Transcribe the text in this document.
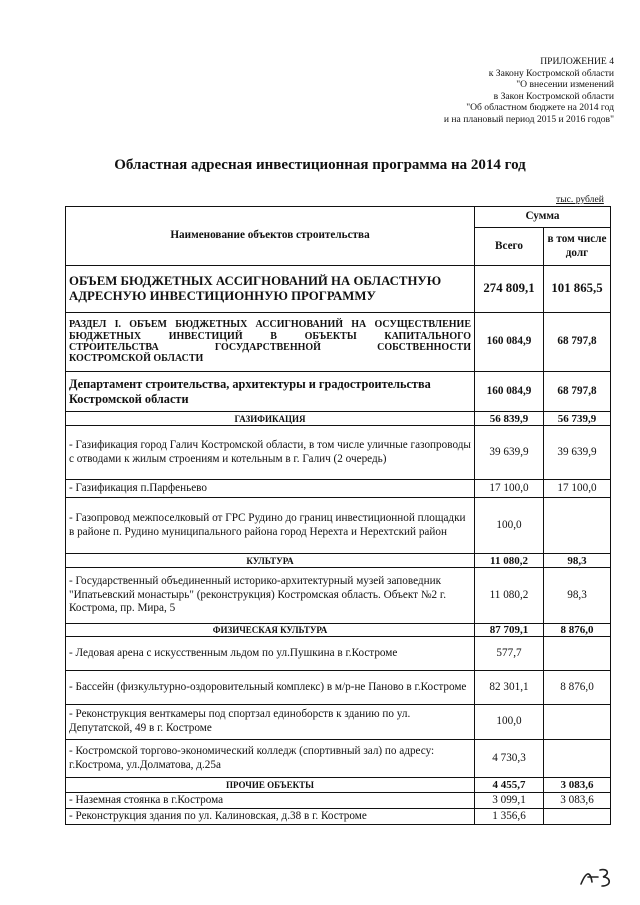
ПРИЛОЖЕНИЕ 4
к Закону Костромской области
"О внесении изменений
в Закон Костромской области
"Об областном бюджете на 2014 год
и на плановый период 2015 и 2016 годов"
Областная адресная инвестиционная программа на 2014 год
тыс. рублей
Наименование объектов строительства	Сумма	
	Всего	в том числе долг
ОБЪЕМ БЮДЖЕТНЫХ АССИГНОВАНИЙ НА ОБЛАСТНУЮ АДРЕСНУЮ ИНВЕСТИЦИОННУЮ ПРОГРАММУ	274 809,1	101 865,5

РАЗДЕЛ I. ОБЪЕМ БЮДЖЕТНЫХ АССИГНОВАНИЙ НА ОСУЩЕСТВЛЕНИЕ
БЮДЖЕТНЫХ ИНВЕСТИЦИЙ В ОБЪЕКТЫ КАПИТАЛЬНОГО
СТРОИТЕЛЬСТВА ГОСУДАРСТВЕННОЙ СОБСТВЕННОСТИ
КОСТРОМСКОЙ ОБЛАСТИ	160 084,9	68 797,8
Департамент строительства, архитектуры и градостроительства Костромской области	160 084,9	68 797,8
ГАЗИФИКАЦИЯ	56 839,9	56 739,9
- Газификация город Галич Костромской области, в том числе уличные газопроводы с отводами к жилым строениям и котельным в г. Галич (2 очередь)	39 639,9	39 639,9
- Газификация п.Парфеньево	17 100,0	17 100,0
- Газопровод межпоселковый от ГРС Рудино до границ инвестиционной площадки в районе п. Рудино муниципального района город Нерехта и Нерехтский район	100,0	
КУЛЬТУРА	11 080,2	98,3
- Государственный объединенный историко-архитектурный музей заповедник "Ипатьевский монастырь" (реконструкция) Костромская область. Объект №2 г. Кострома, пр. Мира, 5	11 080,2	98,3
ФИЗИЧЕСКАЯ КУЛЬТУРА	87 709,1	8 876,0
- Ледовая арена с искусственным льдом по ул.Пушкина в г.Костроме	577,7	
- Бассейн (физкультурно-оздоровительный комплекс) в м/р-не Паново в г.Костроме	82 301,1	8 876,0
- Реконструкция венткамеры под спортзал единоборств к зданию по ул. Депутатской, 49 в г. Костроме	100,0	
- Костромской торгово-экономический колледж (спортивный зал) по адресу: г.Кострома, ул.Долматова, д.25а	4 730,3	
ПРОЧИЕ ОБЪЕКТЫ	4 455,7	3 083,6
- Наземная стоянка в г.Кострома	3 099,1	3 083,6
- Реконструкция здания по ул. Калиновская, д.38 в г. Костроме	1 356,6	
